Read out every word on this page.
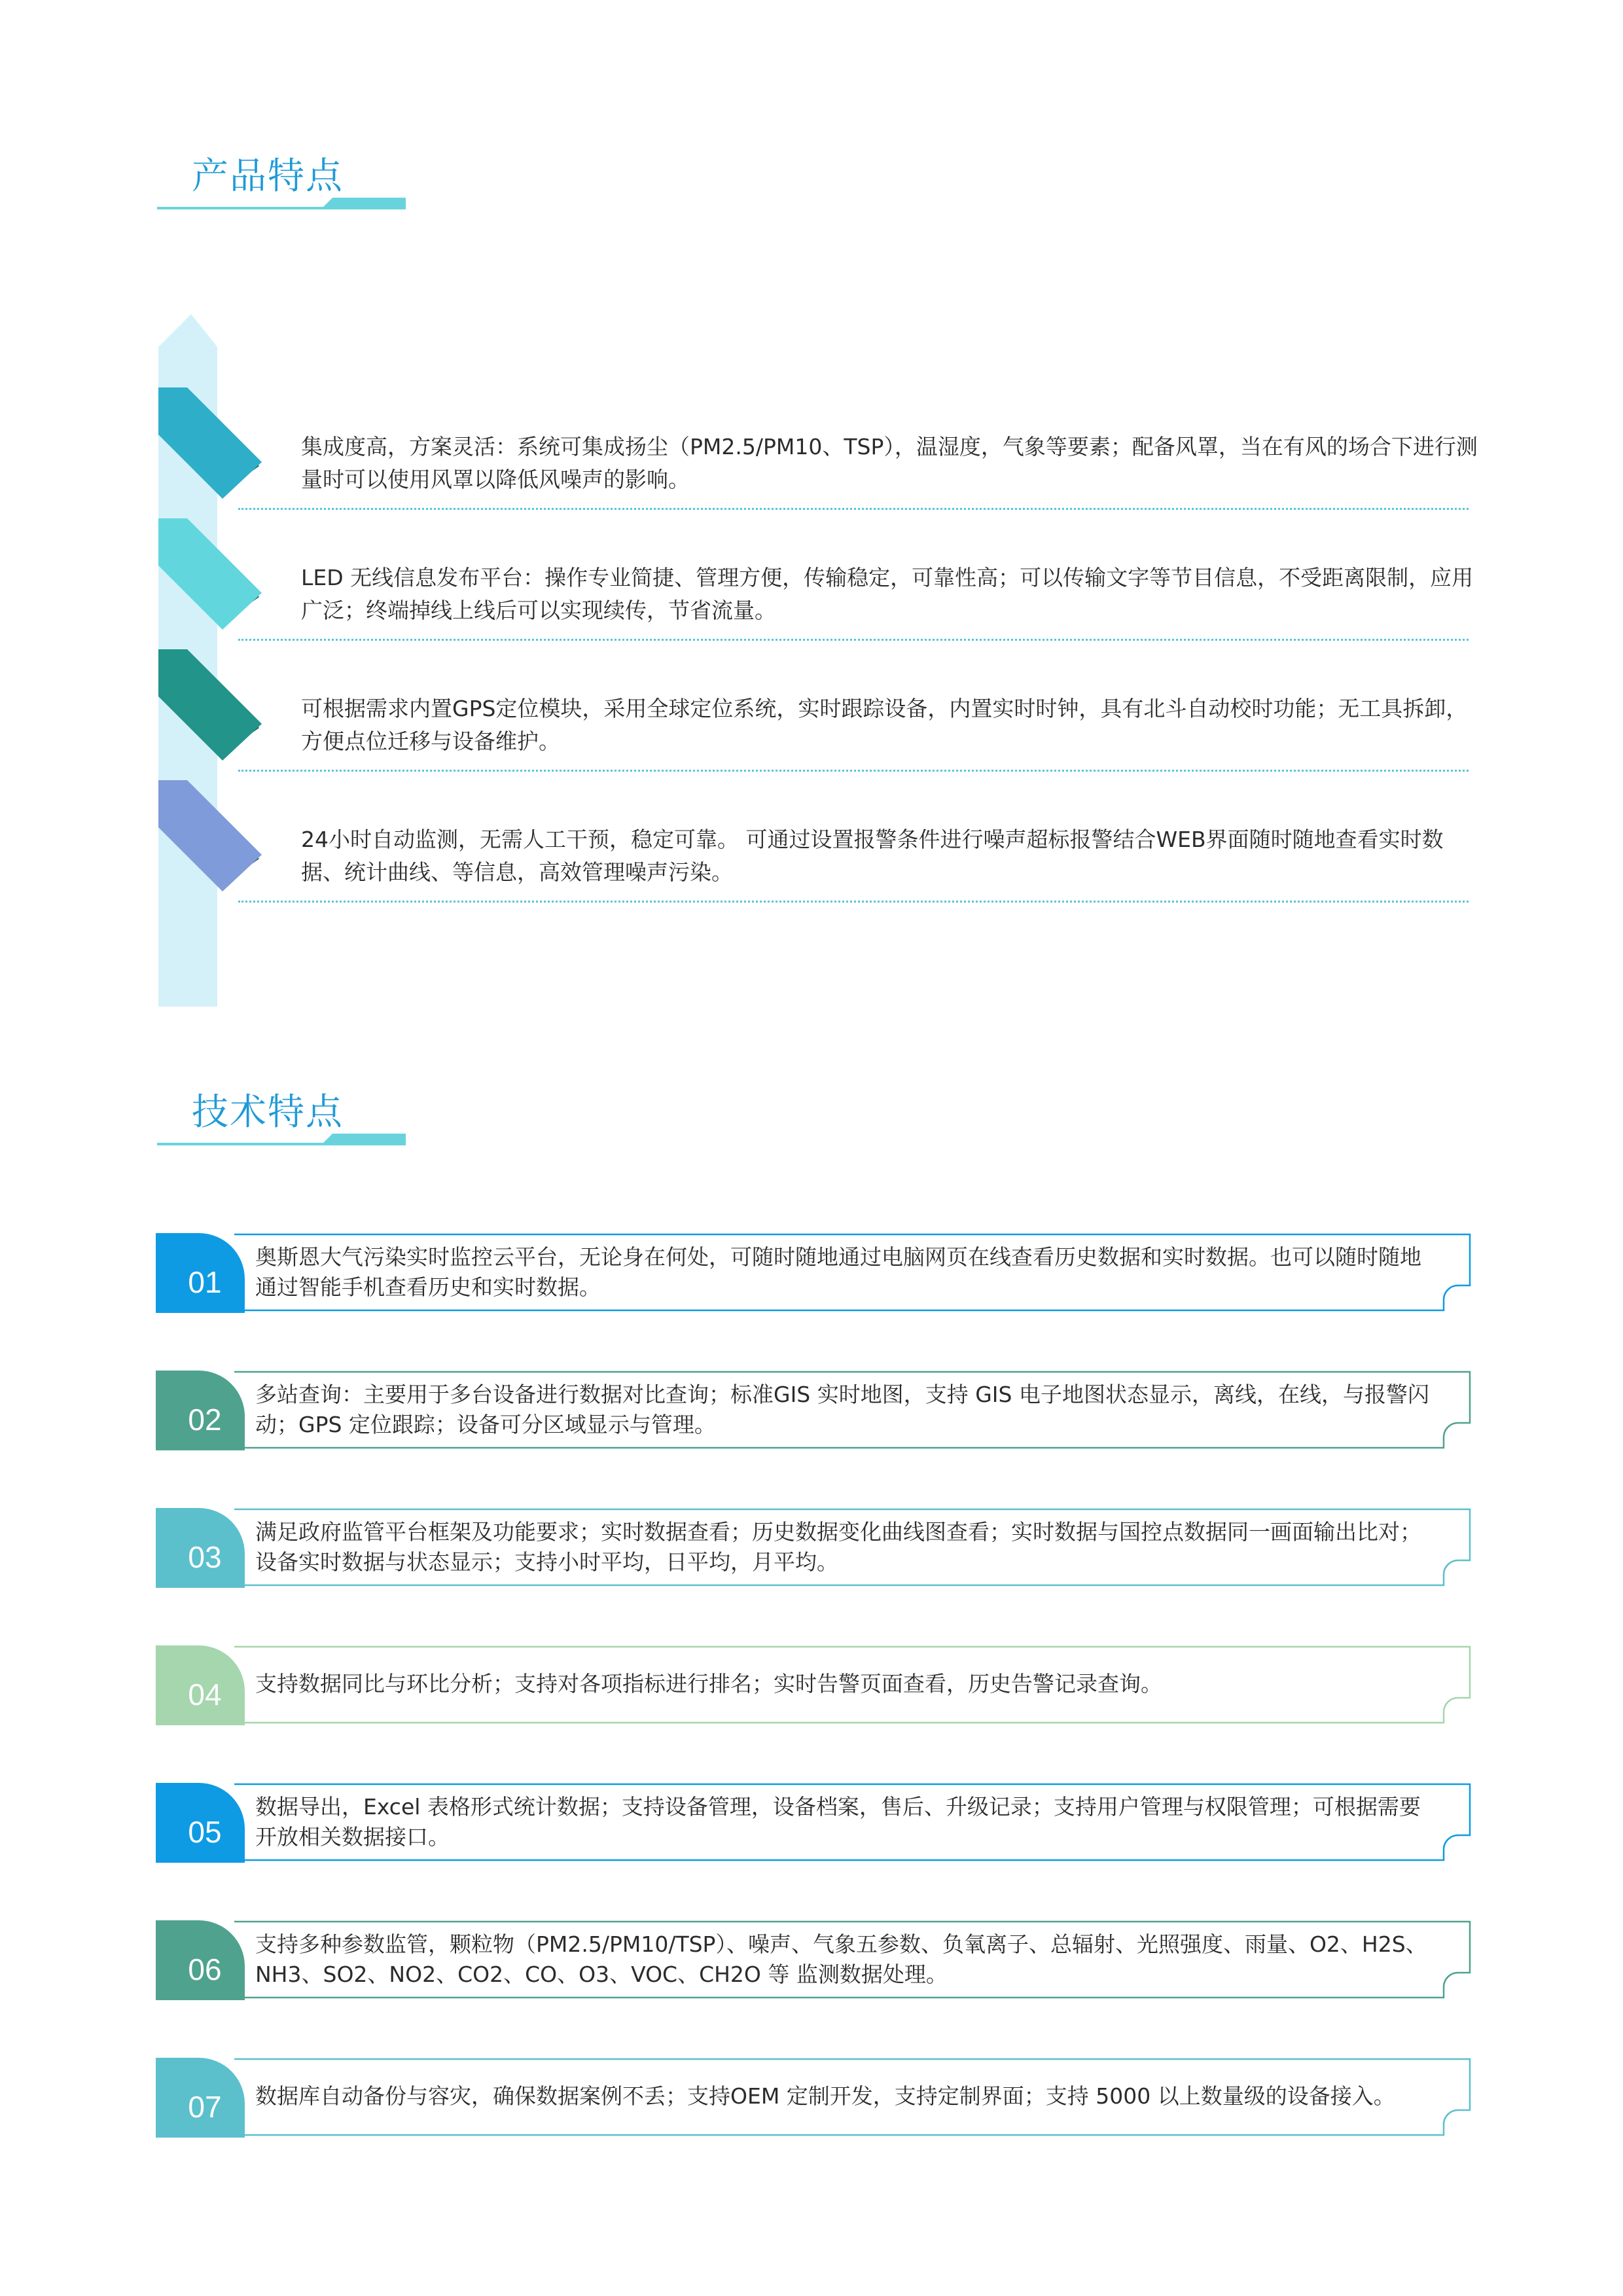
产品特点
集成度高，方案灵活：系统可集成扬尘（PM2.5/PM10、TSP），温湿度，气象等要素；配备风罩，当在有风的场合下进行测量时可以使用风罩以降低风噪声的影响。
LED 无线信息发布平台：操作专业简捷、管理方便，传输稳定，可靠性高；可以传输文字等节目信息，不受距离限制，应用广泛；终端掉线上线后可以实现续传，节省流量。
可根据需求内置GPS定位模块，采用全球定位系统，实时跟踪设备，内置实时时钟，具有北斗自动校时功能；无工具拆卸，方便点位迁移与设备维护。
24小时自动监测，无需人工干预，稳定可靠。 可通过设置报警条件进行噪声超标报警结合WEB界面随时随地查看实时数据、统计曲线、等信息，高效管理噪声污染。
技术特点
01
奥斯恩大气污染实时监控云平台，无论身在何处，可随时随地通过电脑网页在线查看历史数据和实时数据。也可以随时随地通过智能手机查看历史和实时数据。
02
多站查询：主要用于多台设备进行数据对比查询；标准GIS 实时地图，支持 GIS 电子地图状态显示，离线，在线，与报警闪动；GPS 定位跟踪；设备可分区域显示与管理。
03
满足政府监管平台框架及功能要求；实时数据查看；历史数据变化曲线图查看；实时数据与国控点数据同一画面输出比对；设备实时数据与状态显示；支持小时平均，日平均，月平均。
04	支持数据同比与环比分析；支持对各项指标进行排名；实时告警页面查看，历史告警记录查询。
05
数据导出，Excel 表格形式统计数据；支持设备管理，设备档案，售后、升级记录；支持用户管理与权限管理；可根据需要开放相关数据接口。
06
支持多种参数监管，颗粒物（PM2.5/PM10/TSP）、噪声、气象五参数、负氧离子、总辐射、光照强度、雨量、O2、H2S、NH3、SO2、NO2、CO2、CO、O3、VOC、CH2O 等 监测数据处理。
07	数据库自动备份与容灾，确保数据案例不丢；支持OEM 定制开发，支持定制界面；支持 5000 以上数量级的设备接入。
